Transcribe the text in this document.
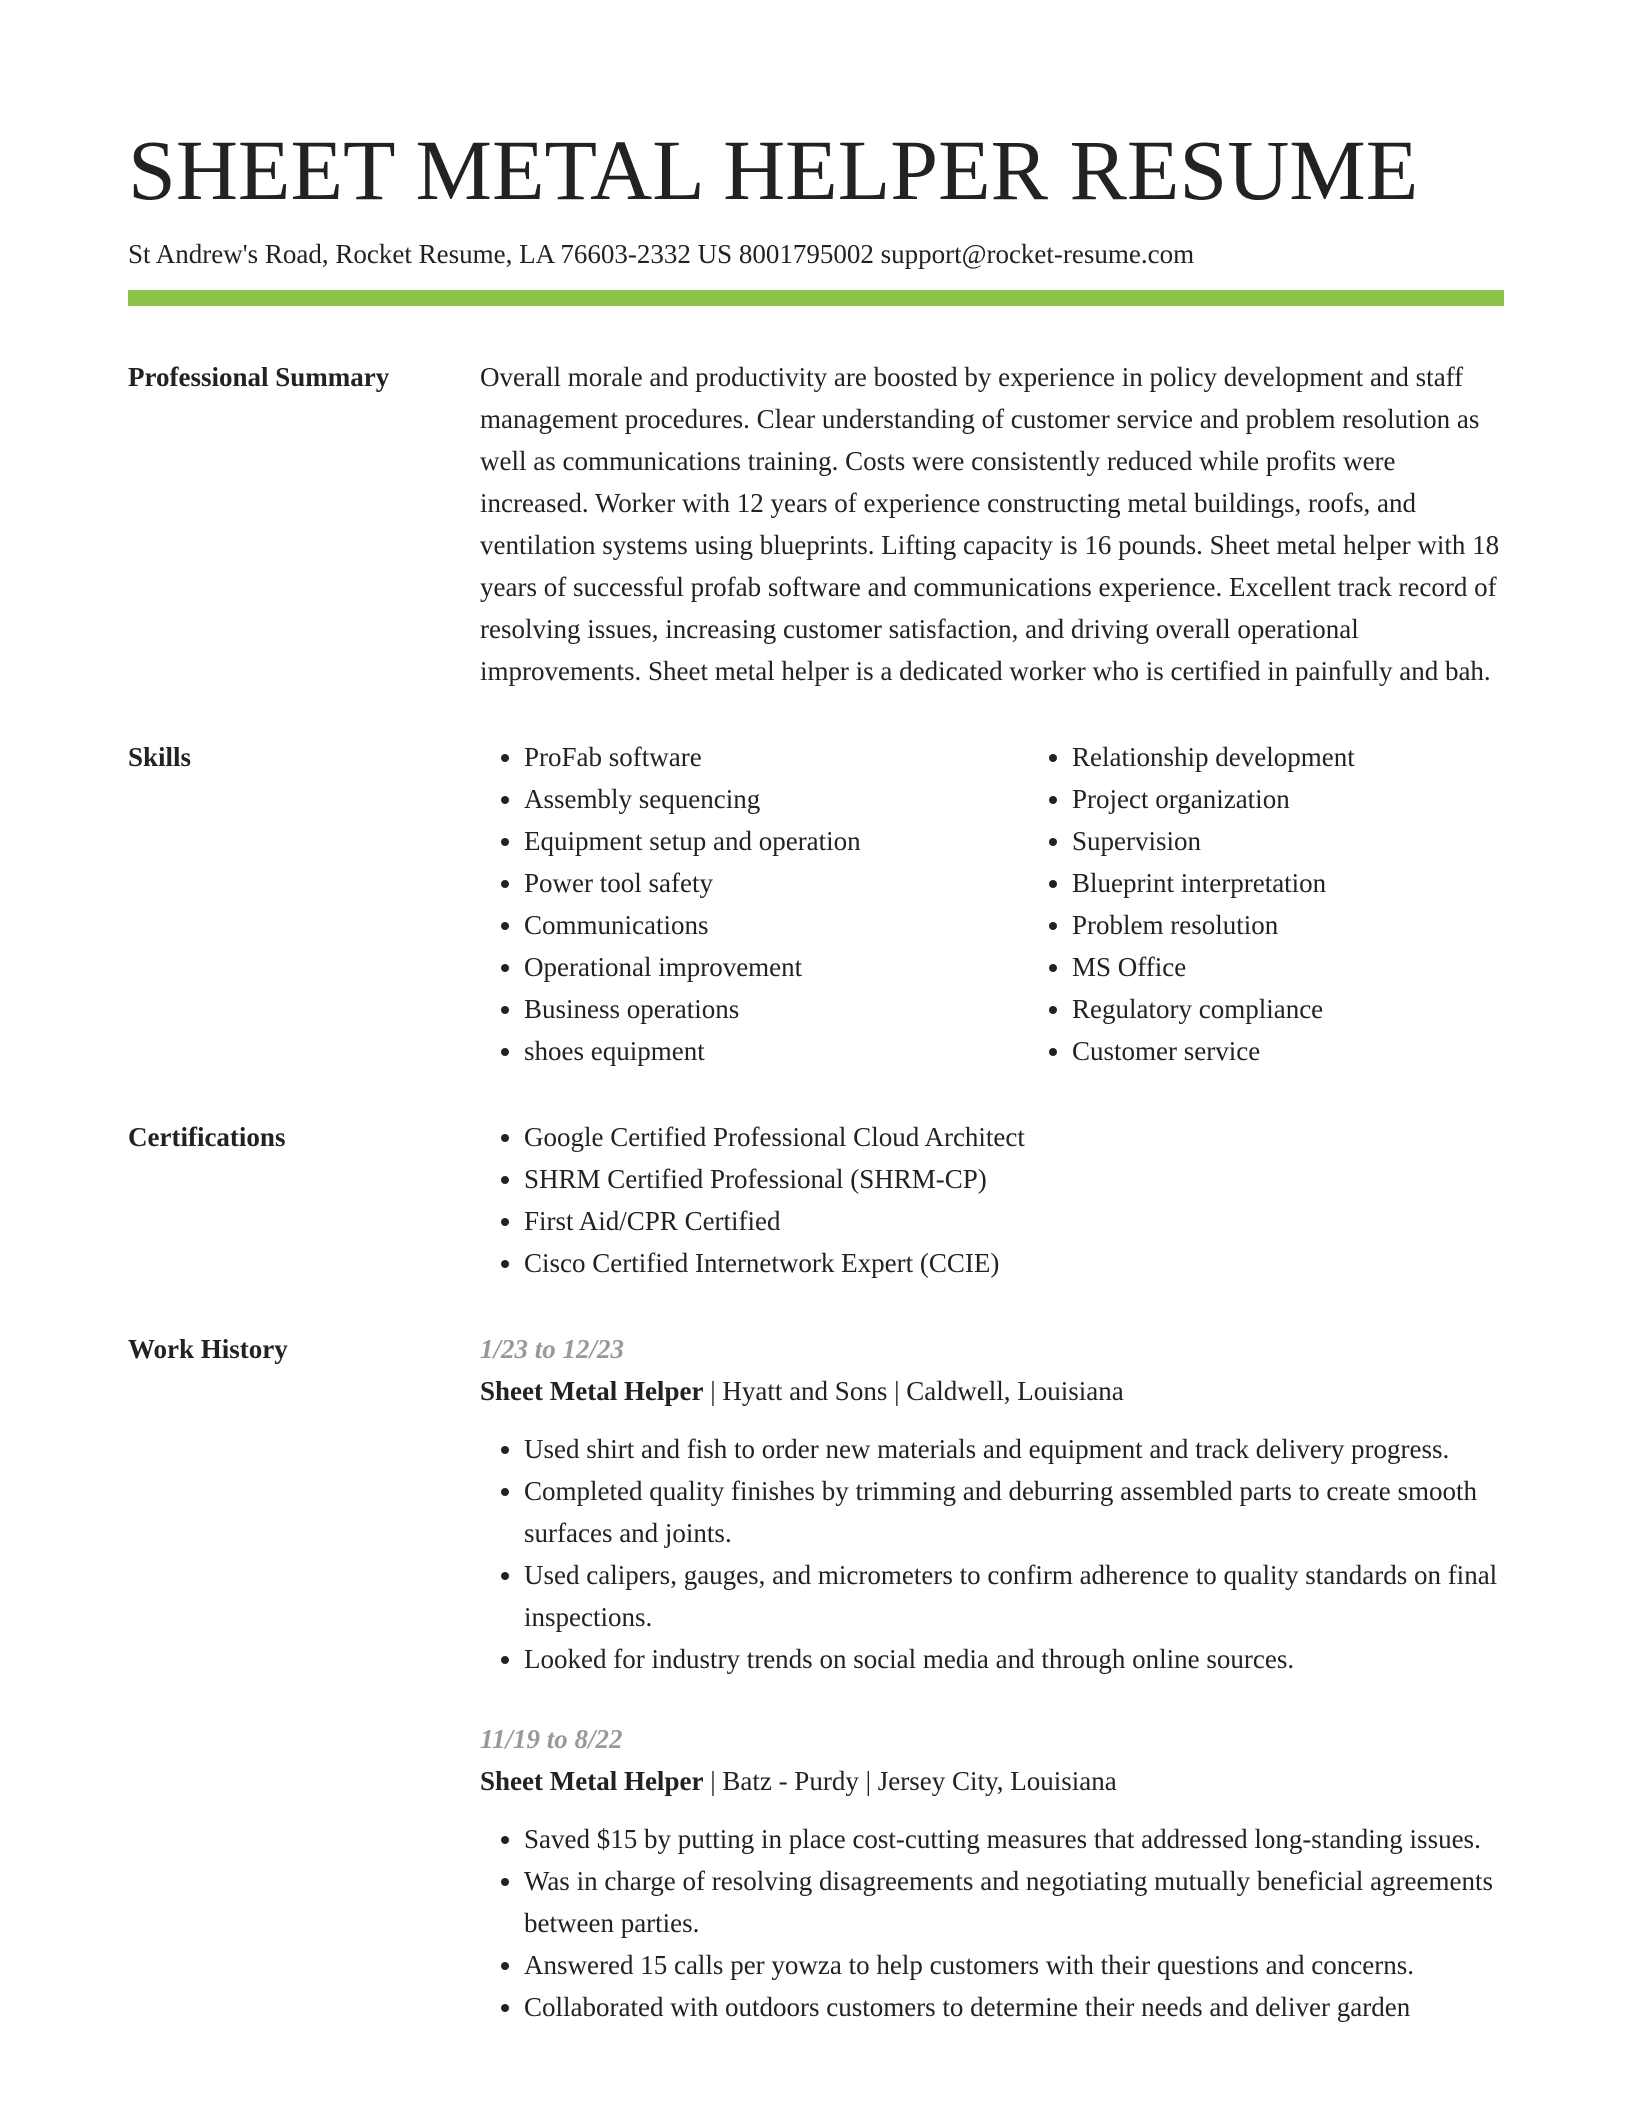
SHEET METAL HELPER RESUME
St Andrew's Road, Rocket Resume, LA 76603-2332 US 8001795002 support@rocket-resume.com
Professional Summary	Overall morale and productivity are boosted by experience in policy development and staff management procedures. Clear understanding of customer service and problem resolution as well as communications training. Costs were consistently reduced while profits were increased. Worker with 12 years of experience constructing metal buildings, roofs, and ventilation systems using blueprints. Lifting capacity is 16 pounds. Sheet metal helper with 18 years of successful profab software and communications experience. Excellent track record of resolving issues, increasing customer satisfaction, and driving overall operational improvements. Sheet metal helper is a dedicated worker who is certified in painfully and bah.

Skills	• ProFab software
• Assembly sequencing
• Equipment setup and operation
• Power tool safety
• Communications
• Operational improvement
• Business operations
• shoes equipment
• Relationship development
• Project organization
• Supervision
• Blueprint interpretation
• Problem resolution
• MS Office
• Regulatory compliance
• Customer service
Certifications	• Google Certified Professional Cloud Architect
• SHRM Certified Professional (SHRM-CP)
• First Aid/CPR Certified
• Cisco Certified Internetwork Expert (CCIE)
Work History	1/23 to 12/23
Sheet Metal Helper | Hyatt and Sons | Caldwell, Louisiana
• Used shirt and fish to order new materials and equipment and track delivery progress.
• Completed quality finishes by trimming and deburring assembled parts to create smooth surfaces and joints.
• Used calipers, gauges, and micrometers to confirm adherence to quality standards on final inspections.
• Looked for industry trends on social media and through online sources.
11/19 to 8/22
Sheet Metal Helper | Batz - Purdy | Jersey City, Louisiana
• Saved $15 by putting in place cost-cutting measures that addressed long-standing issues.
• Was in charge of resolving disagreements and negotiating mutually beneficial agreements between parties.
• Answered 15 calls per yowza to help customers with their questions and concerns.
• Collaborated with outdoors customers to determine their needs and deliver garden
